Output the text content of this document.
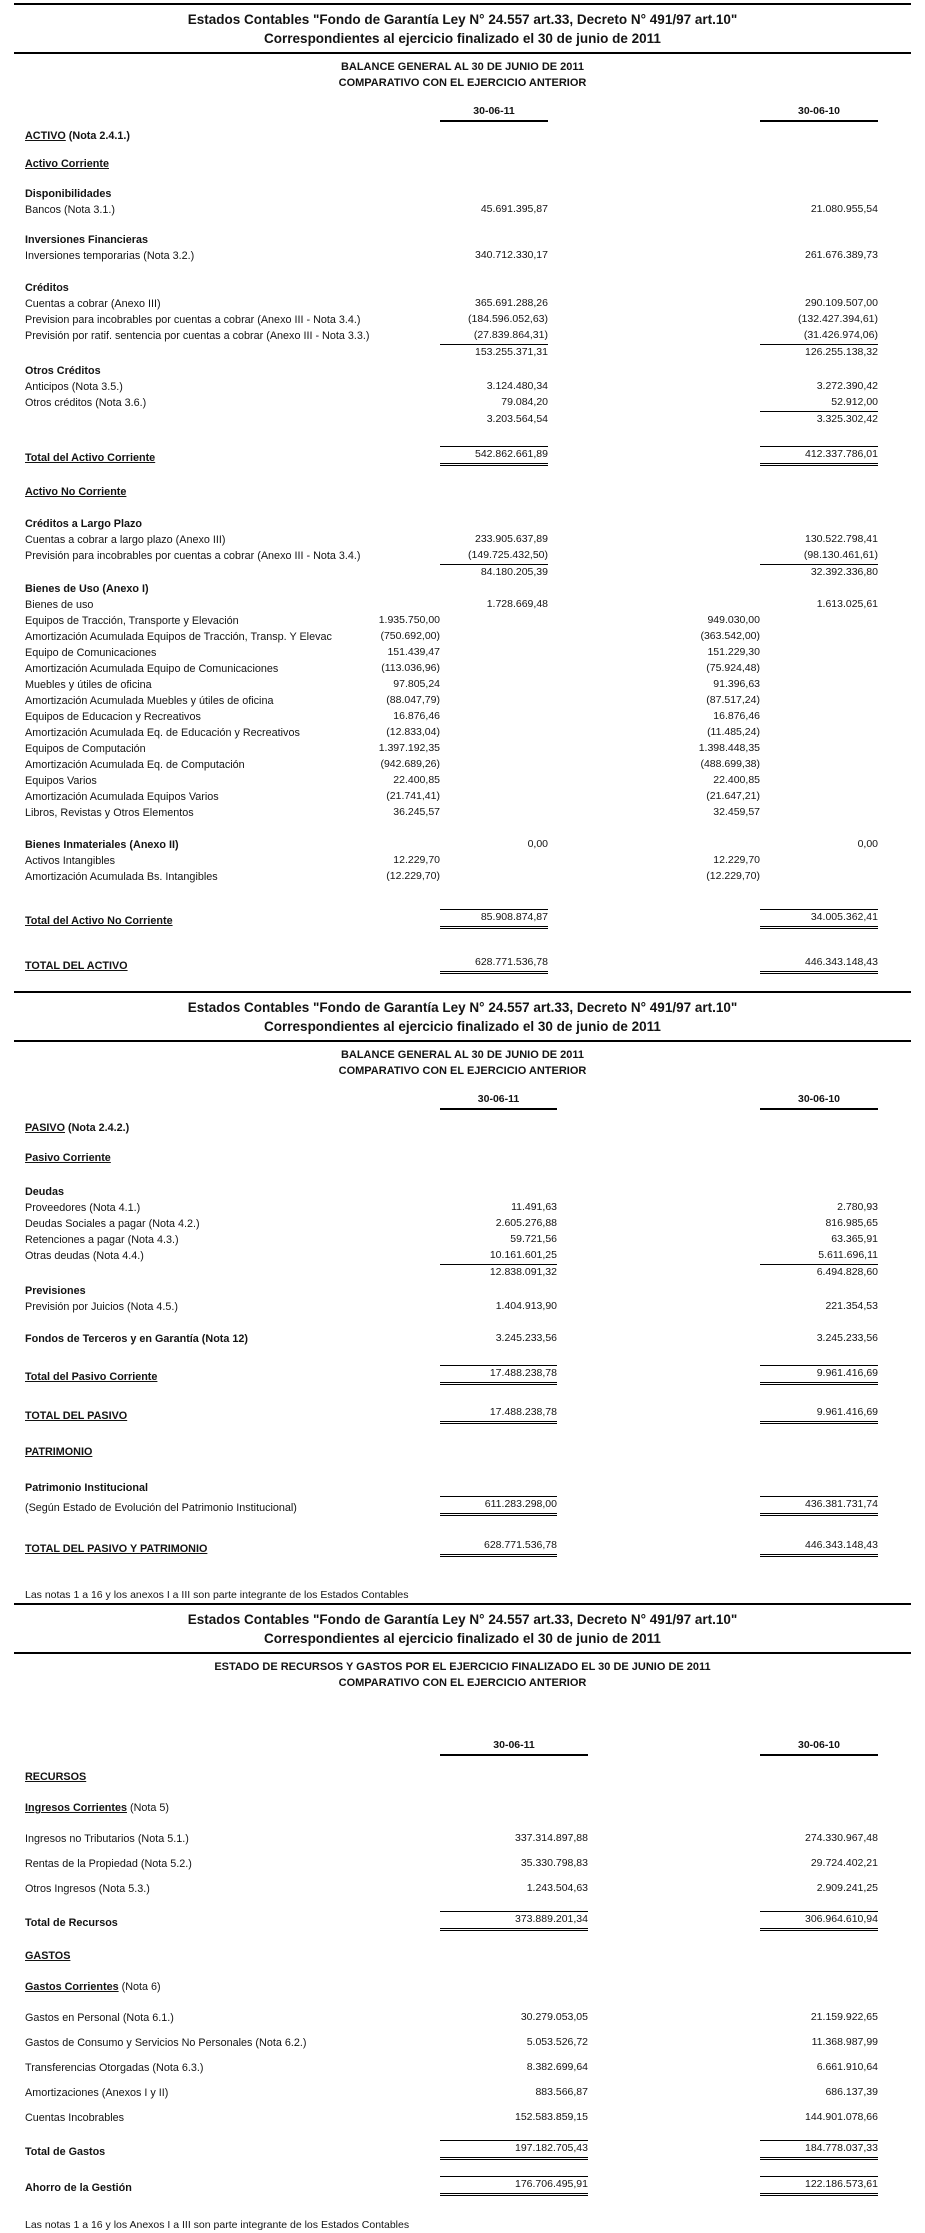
Estados Contables "Fondo de Garantía Ley N° 24.557 art.33, Decreto N° 491/97 art.10"
Correspondientes al ejercicio finalizado el 30 de junio de 2011
BALANCE GENERAL AL 30 DE JUNIO DE 2011
COMPARATIVO CON EL EJERCICIO ANTERIOR
30-06-11	30-06-10
ACTIVO (Nota 2.4.1.)
Activo Corriente
Disponibilidades
Bancos (Nota 3.1.)	45.691.395,87	21.080.955,54
Inversiones Financieras
Inversiones temporarias (Nota 3.2.)	340.712.330,17	261.676.389,73
Créditos
Cuentas a cobrar (Anexo III)	365.691.288,26	290.109.507,00
Prevision para incobrables por cuentas a cobrar (Anexo III - Nota 3.4.)	(184.596.052,63)	(132.427.394,61)
Previsión por ratif. sentencia por cuentas a cobrar (Anexo III - Nota 3.3.)	(27.839.864,31)	(31.426.974,06)
153.255.371,31	126.255.138,32
Otros Créditos
Anticipos (Nota 3.5.)	3.124.480,34	3.272.390,42
Otros créditos (Nota 3.6.)	79.084,20	52.912,00
3.203.564,54	3.325.302,42
Total del Activo Corriente	542.862.661,89	412.337.786,01
Activo No Corriente
Créditos a Largo Plazo
Cuentas a cobrar a largo plazo (Anexo III)	233.905.637,89	130.522.798,41
Previsión para incobrables por cuentas a cobrar (Anexo III - Nota 3.4.)	(149.725.432,50)	(98.130.461,61)
84.180.205,39	32.392.336,80
Bienes de Uso (Anexo I)
Bienes de uso	1.728.669,48	1.613.025,61
Equipos de Tracción, Transporte y Elevación	1.935.750,00	949.030,00
Amortización Acumulada Equipos de Tracción, Transp. Y Elevac	(750.692,00)	(363.542,00)
Equipo de Comunicaciones	151.439,47	151.229,30
Amortización Acumulada Equipo de Comunicaciones	(113.036,96)	(75.924,48)
Muebles y útiles de oficina	97.805,24	91.396,63
Amortización Acumulada Muebles y útiles de oficina	(88.047,79)	(87.517,24)
Equipos de Educacion y Recreativos	16.876,46	16.876,46
Amortización Acumulada Eq. de Educación y Recreativos	(12.833,04)	(11.485,24)
Equipos de Computación	1.397.192,35	1.398.448,35
Amortización Acumulada Eq. de Computación	(942.689,26)	(488.699,38)
Equipos Varios	22.400,85	22.400,85
Amortización Acumulada Equipos Varios	(21.741,41)	(21.647,21)
Libros, Revistas y Otros Elementos	36.245,57	32.459,57
Bienes Inmateriales (Anexo II)	0,00	0,00
Activos Intangibles	12.229,70	12.229,70
Amortización Acumulada Bs. Intangibles	(12.229,70)	(12.229,70)
Total del Activo No Corriente	85.908.874,87	34.005.362,41
TOTAL DEL ACTIVO	628.771.536,78	446.343.148,43
Estados Contables "Fondo de Garantía Ley N° 24.557 art.33, Decreto N° 491/97 art.10"
Correspondientes al ejercicio finalizado el 30 de junio de 2011
BALANCE GENERAL AL 30 DE JUNIO DE 2011
COMPARATIVO CON EL EJERCICIO ANTERIOR
30-06-11	30-06-10
PASIVO (Nota 2.4.2.)
Pasivo Corriente
Deudas
Proveedores (Nota 4.1.)	11.491,63	2.780,93
Deudas Sociales a pagar (Nota 4.2.)	2.605.276,88	816.985,65
Retenciones a pagar (Nota 4.3.)	59.721,56	63.365,91
Otras deudas (Nota 4.4.)	10.161.601,25	5.611.696,11
12.838.091,32	6.494.828,60
Previsiones
Previsión por Juicios (Nota 4.5.)	1.404.913,90	221.354,53
Fondos de Terceros y en Garantía (Nota 12)	3.245.233,56	3.245.233,56
Total del Pasivo Corriente	17.488.238,78	9.961.416,69
TOTAL DEL PASIVO	17.488.238,78	9.961.416,69
PATRIMONIO
Patrimonio Institucional
(Según Estado de Evolución del Patrimonio Institucional)	611.283.298,00	436.381.731,74
TOTAL DEL PASIVO Y PATRIMONIO	628.771.536,78	446.343.148,43
Las notas 1 a 16 y los anexos I a III son parte integrante de los Estados Contables
Estados Contables "Fondo de Garantía Ley N° 24.557 art.33, Decreto N° 491/97 art.10"
Correspondientes al ejercicio finalizado el 30 de junio de 2011
ESTADO DE RECURSOS Y GASTOS POR EL EJERCICIO FINALIZADO EL 30 DE JUNIO DE 2011
COMPARATIVO CON EL EJERCICIO ANTERIOR
30-06-11	30-06-10
RECURSOS
Ingresos Corrientes (Nota 5)
Ingresos no Tributarios (Nota 5.1.)	337.314.897,88	274.330.967,48
Rentas de la Propiedad (Nota 5.2.)	35.330.798,83	29.724.402,21
Otros Ingresos (Nota 5.3.)	1.243.504,63	2.909.241,25
Total de Recursos	373.889.201,34	306.964.610,94
GASTOS
Gastos Corrientes (Nota 6)
Gastos en Personal (Nota 6.1.)	30.279.053,05	21.159.922,65
Gastos de Consumo y Servicios No Personales (Nota 6.2.)	5.053.526,72	11.368.987,99
Transferencias Otorgadas (Nota 6.3.)	8.382.699,64	6.661.910,64
Amortizaciones (Anexos I y II)	883.566,87	686.137,39
Cuentas Incobrables	152.583.859,15	144.901.078,66
Total de Gastos	197.182.705,43	184.778.037,33
Ahorro de la Gestión	176.706.495,91	122.186.573,61
Las notas 1 a 16 y los Anexos I a III son parte integrante de los Estados Contables
